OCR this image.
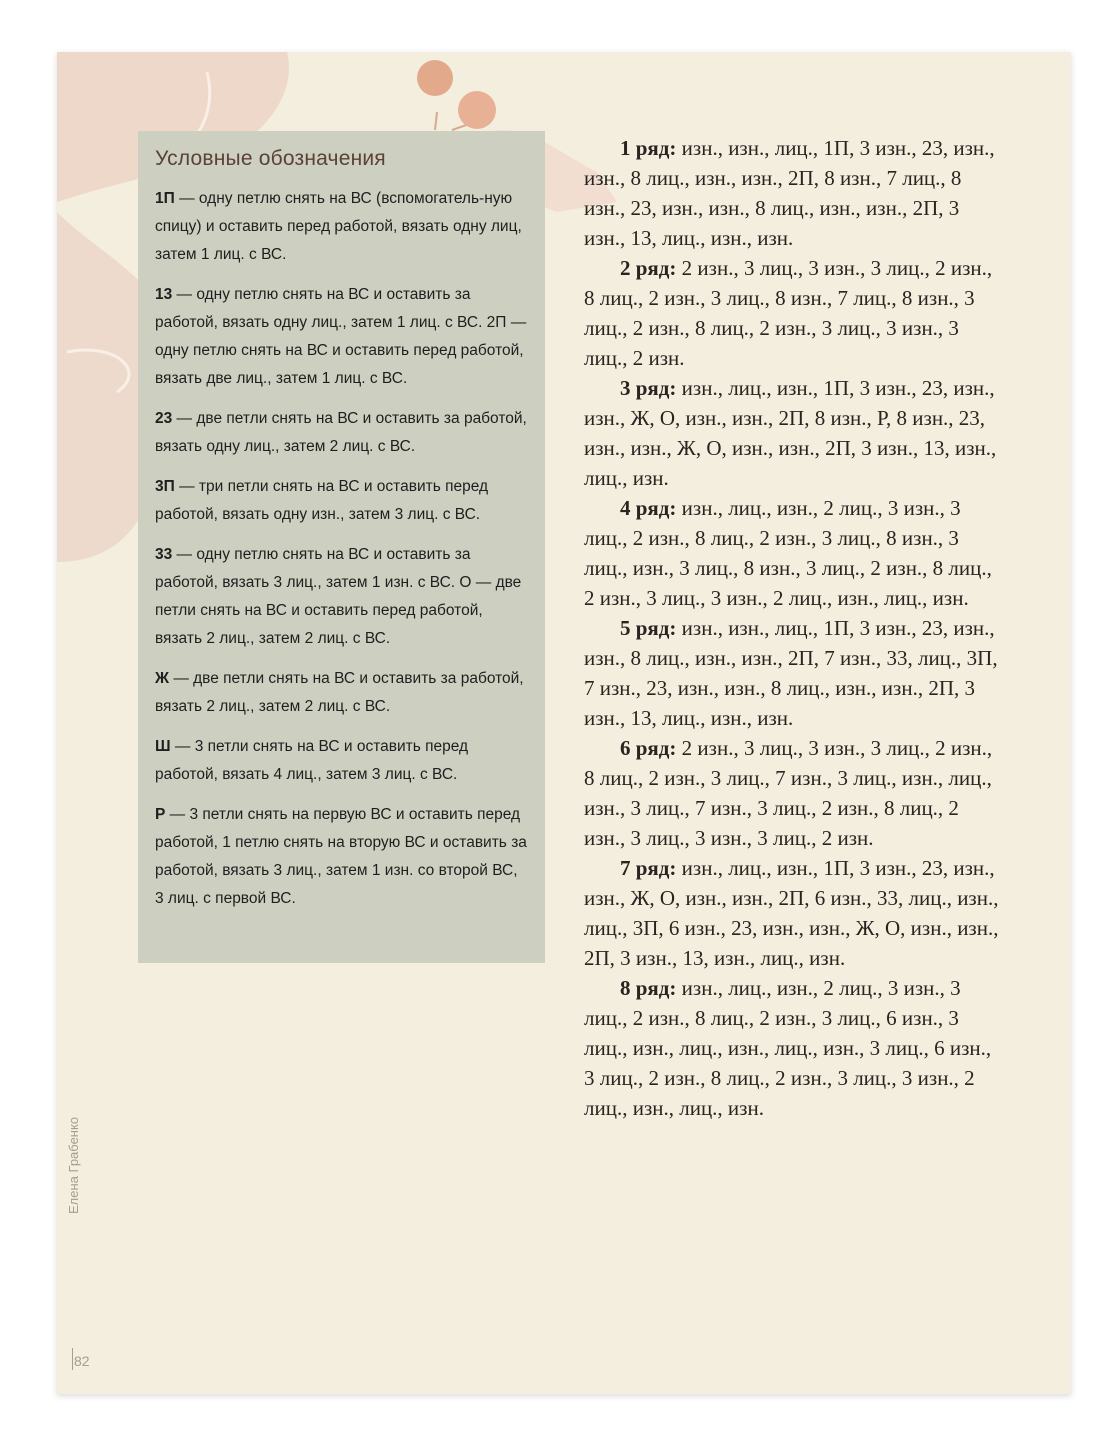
Условные обозначения
1П — одну петлю снять на ВС (вспомогатель-ную спицу) и оставить перед работой, вязать одну лиц, затем 1 лиц. с ВС.
13 — одну петлю снять на ВС и оставить за работой, вязать одну лиц., затем 1 лиц. с ВС. 2П — одну петлю снять на ВС и оставить перед работой, вязать две лиц., затем 1 лиц. с ВС.
23 — две петли снять на ВС и оставить за работой, вязать одну лиц., затем 2 лиц. с ВС.
3П — три петли снять на ВС и оставить перед работой, вязать одну изн., затем 3 лиц. с ВС.
33 — одну петлю снять на ВС и оставить за работой, вязать 3 лиц., затем 1 изн. с ВС. О — две петли снять на ВС и оставить перед работой, вязать 2 лиц., затем 2 лиц. с ВС.
Ж — две петли снять на ВС и оставить за работой, вязать 2 лиц., затем 2 лиц. с ВС.
Ш — 3 петли снять на ВС и оставить перед работой, вязать 4 лиц., затем 3 лиц. с ВС.
Р — 3 петли снять на первую ВС и оставить перед работой, 1 петлю снять на вторую ВС и оставить за работой, вязать 3 лиц., затем 1 изн. со второй ВС, 3 лиц. с первой ВС.

1 ряд: изн., изн., лиц., 1П, 3 изн., 23, изн., изн., 8 лиц., изн., изн., 2П, 8 изн., 7 лиц., 8 изн., 23, изн., изн., 8 лиц., изн., изн., 2П, 3 изн., 13, лиц., изн., изн.

2 ряд: 2 изн., 3 лиц., 3 изн., 3 лиц., 2 изн., 8 лиц., 2 изн., 3 лиц., 8 изн., 7 лиц., 8 изн., 3 лиц., 2 изн., 8 лиц., 2 изн., 3 лиц., 3 изн., 3 лиц., 2 изн.

3 ряд: изн., лиц., изн., 1П, 3 изн., 23, изн., изн., Ж, О, изн., изн., 2П, 8 изн., Р, 8 изн., 23, изн., изн., Ж, О, изн., изн., 2П, 3 изн., 13, изн., лиц., изн.

4 ряд: изн., лиц., изн., 2 лиц., 3 изн., 3 лиц., 2 изн., 8 лиц., 2 изн., 3 лиц., 8 изн., 3 лиц., изн., 3 лиц., 8 изн., 3 лиц., 2 изн., 8 лиц., 2 изн., 3 лиц., 3 изн., 2 лиц., изн., лиц., изн.

5 ряд: изн., изн., лиц., 1П, 3 изн., 23, изн., изн., 8 лиц., изн., изн., 2П, 7 изн., 33, лиц., 3П, 7 изн., 23, изн., изн., 8 лиц., изн., изн., 2П, 3 изн., 13, лиц., изн., изн.

6 ряд: 2 изн., 3 лиц., 3 изн., 3 лиц., 2 изн., 8 лиц., 2 изн., 3 лиц., 7 изн., 3 лиц., изн., лиц., изн., 3 лиц., 7 изн., 3 лиц., 2 изн., 8 лиц., 2 изн., 3 лиц., 3 изн., 3 лиц., 2 изн.

7 ряд: изн., лиц., изн., 1П, 3 изн., 23, изн., изн., Ж, О, изн., изн., 2П, 6 изн., 33, лиц., изн., лиц., 3П, 6 изн., 23, изн., изн., Ж, О, изн., изн., 2П, 3 изн., 13, изн., лиц., изн.

8 ряд: изн., лиц., изн., 2 лиц., 3 изн., 3 лиц., 2 изн., 8 лиц., 2 изн., 3 лиц., 6 изн., 3 лиц., изн., лиц., изн., лиц., изн., 3 лиц., 6 изн., 3 лиц., 2 изн., 8 лиц., 2 изн., 3 лиц., 3 изн., 2 лиц., изн., лиц., изн.

Елена Грабенко
82
